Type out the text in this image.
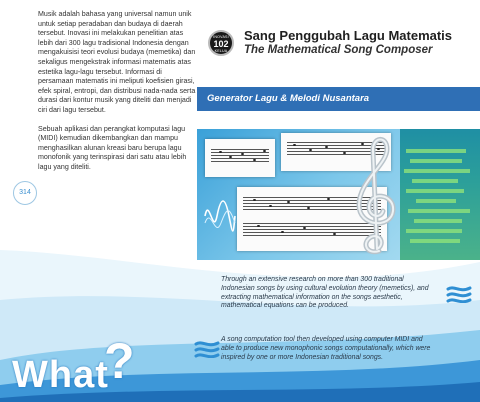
Musik adalah bahasa yang universal namun unik untuk setiap peradaban dan budaya di daerah tersebut. Inovasi ini melakukan penelitian atas lebih dari 300 lagu tradisional Indonesia dengan mengakuisisi teori evolusi budaya (memetika) dan sekaligus mengekstrak informasi matematis atas estetika lagu-lagu tersebut. Informasi di persamaan matematis ini meliputi koefisien girasi, efek spiral, entropi, dan distribusi nada-nada serta durasi dari kontur musik yang diteliti dan menjadi ciri dari lagu tersebut.

Sebuah aplikasi dan perangkat komputasi lagu (MIDI) kemudian dikembangkan dan mampu menghasilkan alunan kreasi baru berupa lagu monofonik yang terinspirasi dari satu atau lebih lagu yang diteliti.

314
INOVASI
102
KELUA
Sang Penggubah Lagu Matematis
The Mathematical Song Composer
Generator Lagu & Melodi Nusantara
Through an extensive research on more than 300 traditional Indonesian songs by using cultural evolution theory (memetics), and extracting mathematical information on the songs aesthetic, mathematical equations can be produced.
A song computation tool then developed using computer MIDI and able to produce new monophonic songs computationally, which were inspired by one or more Indonesian traditional songs.
What
?
